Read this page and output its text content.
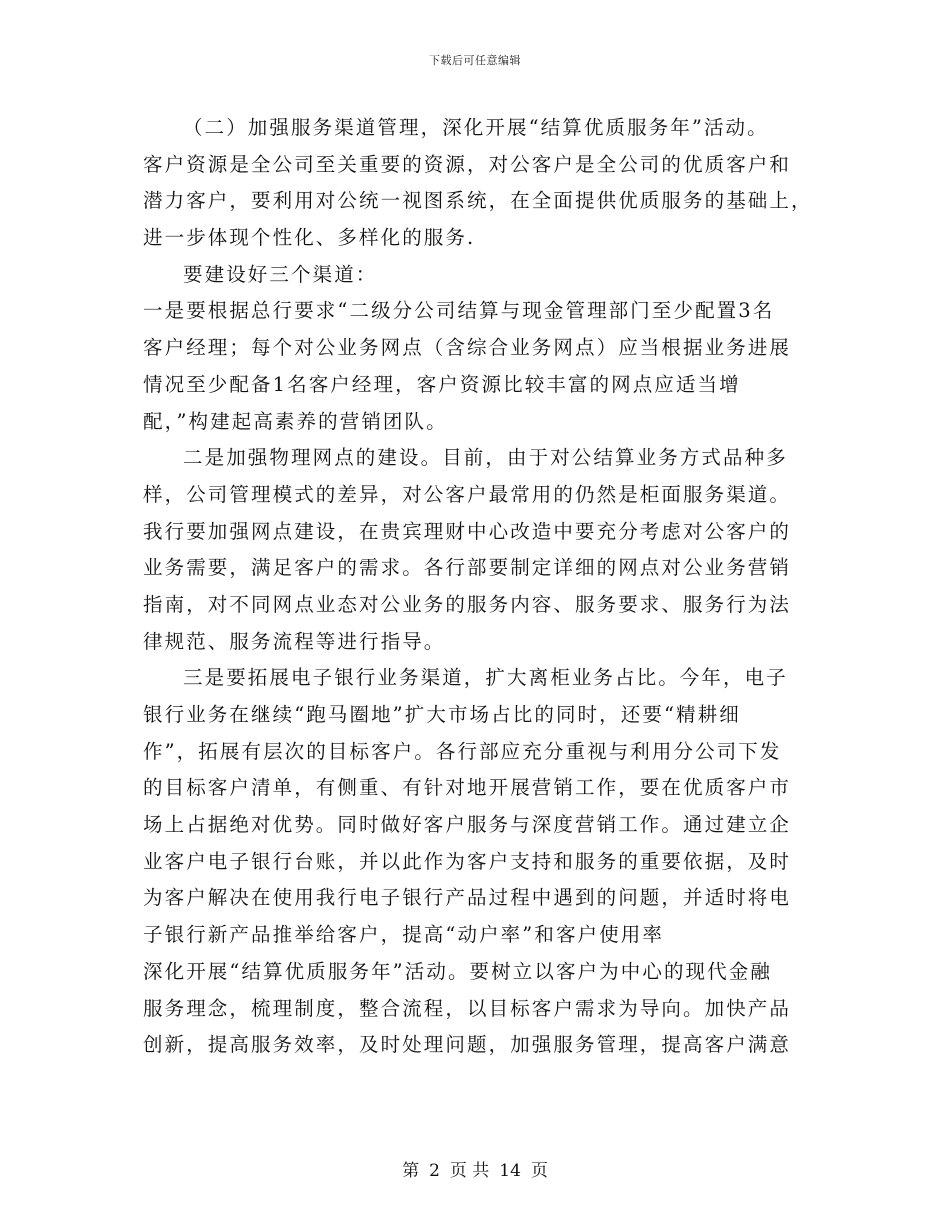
下载后可任意编辑
（二）加强服务渠道管理，深化开展“结算优质服务年”活动。
客户资源是全公司至关重要的资源，对公客户是全公司的优质客户和
潜力客户，要利用对公统一视图系统，在全面提供优质服务的基础上，
进一步体现个性化、多样化的服务.
要建设好三个渠道：
一是要根据总行要求“二级分公司结算与现金管理部门至少配置3名
客户经理；每个对公业务网点（含综合业务网点）应当根据业务进展
情况至少配备1名客户经理，客户资源比较丰富的网点应适当增
配，”构建起高素养的营销团队。
二是加强物理网点的建设。目前，由于对公结算业务方式品种多
样，公司管理模式的差异，对公客户最常用的仍然是柜面服务渠道。
我行要加强网点建设，在贵宾理财中心改造中要充分考虑对公客户的
业务需要，满足客户的需求。各行部要制定详细的网点对公业务营销
指南，对不同网点业态对公业务的服务内容、服务要求、服务行为法
律规范、服务流程等进行指导。
三是要拓展电子银行业务渠道，扩大离柜业务占比。今年，电子
银行业务在继续“跑马圈地”扩大市场占比的同时，还要“精耕细
作”，拓展有层次的目标客户。各行部应充分重视与利用分公司下发
的目标客户清单，有侧重、有针对地开展营销工作，要在优质客户市
场上占据绝对优势。同时做好客户服务与深度营销工作。通过建立企
业客户电子银行台账，并以此作为客户支持和服务的重要依据，及时
为客户解决在使用我行电子银行产品过程中遇到的问题，并适时将电
子银行新产品推举给客户，提高“动户率”和客户使用率
深化开展“结算优质服务年”活动。要树立以客户为中心的现代金融
服务理念，梳理制度，整合流程，以目标客户需求为导向。加快产品
创新，提高服务效率，及时处理问题，加强服务管理，提高客户满意
第 2 页 共 14 页
